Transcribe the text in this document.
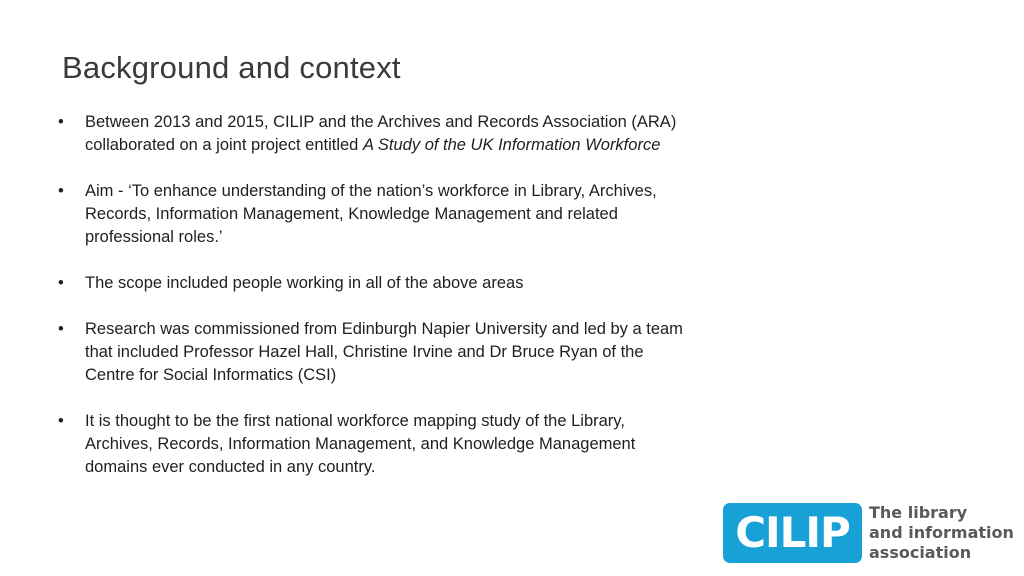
Background and context
•	Between 2013 and 2015, CILIP and the Archives and Records Association (ARA) collaborated on a joint project entitled A Study of the UK Information Workforce
•	Aim - ‘To enhance understanding of the nation’s workforce in Library, Archives, Records, Information Management, Knowledge Management and related professional roles.’
•	The scope included people working in all of the above areas
•	Research was commissioned from Edinburgh Napier University and led by a team that included Professor Hazel Hall, Christine Irvine and Dr Bruce Ryan of the Centre for Social Informatics (CSI)
•	It is thought to be the first national workforce mapping study of the Library, Archives, Records, Information Management, and Knowledge Management domains ever conducted in any country.
CILIP	The library
and information
association
